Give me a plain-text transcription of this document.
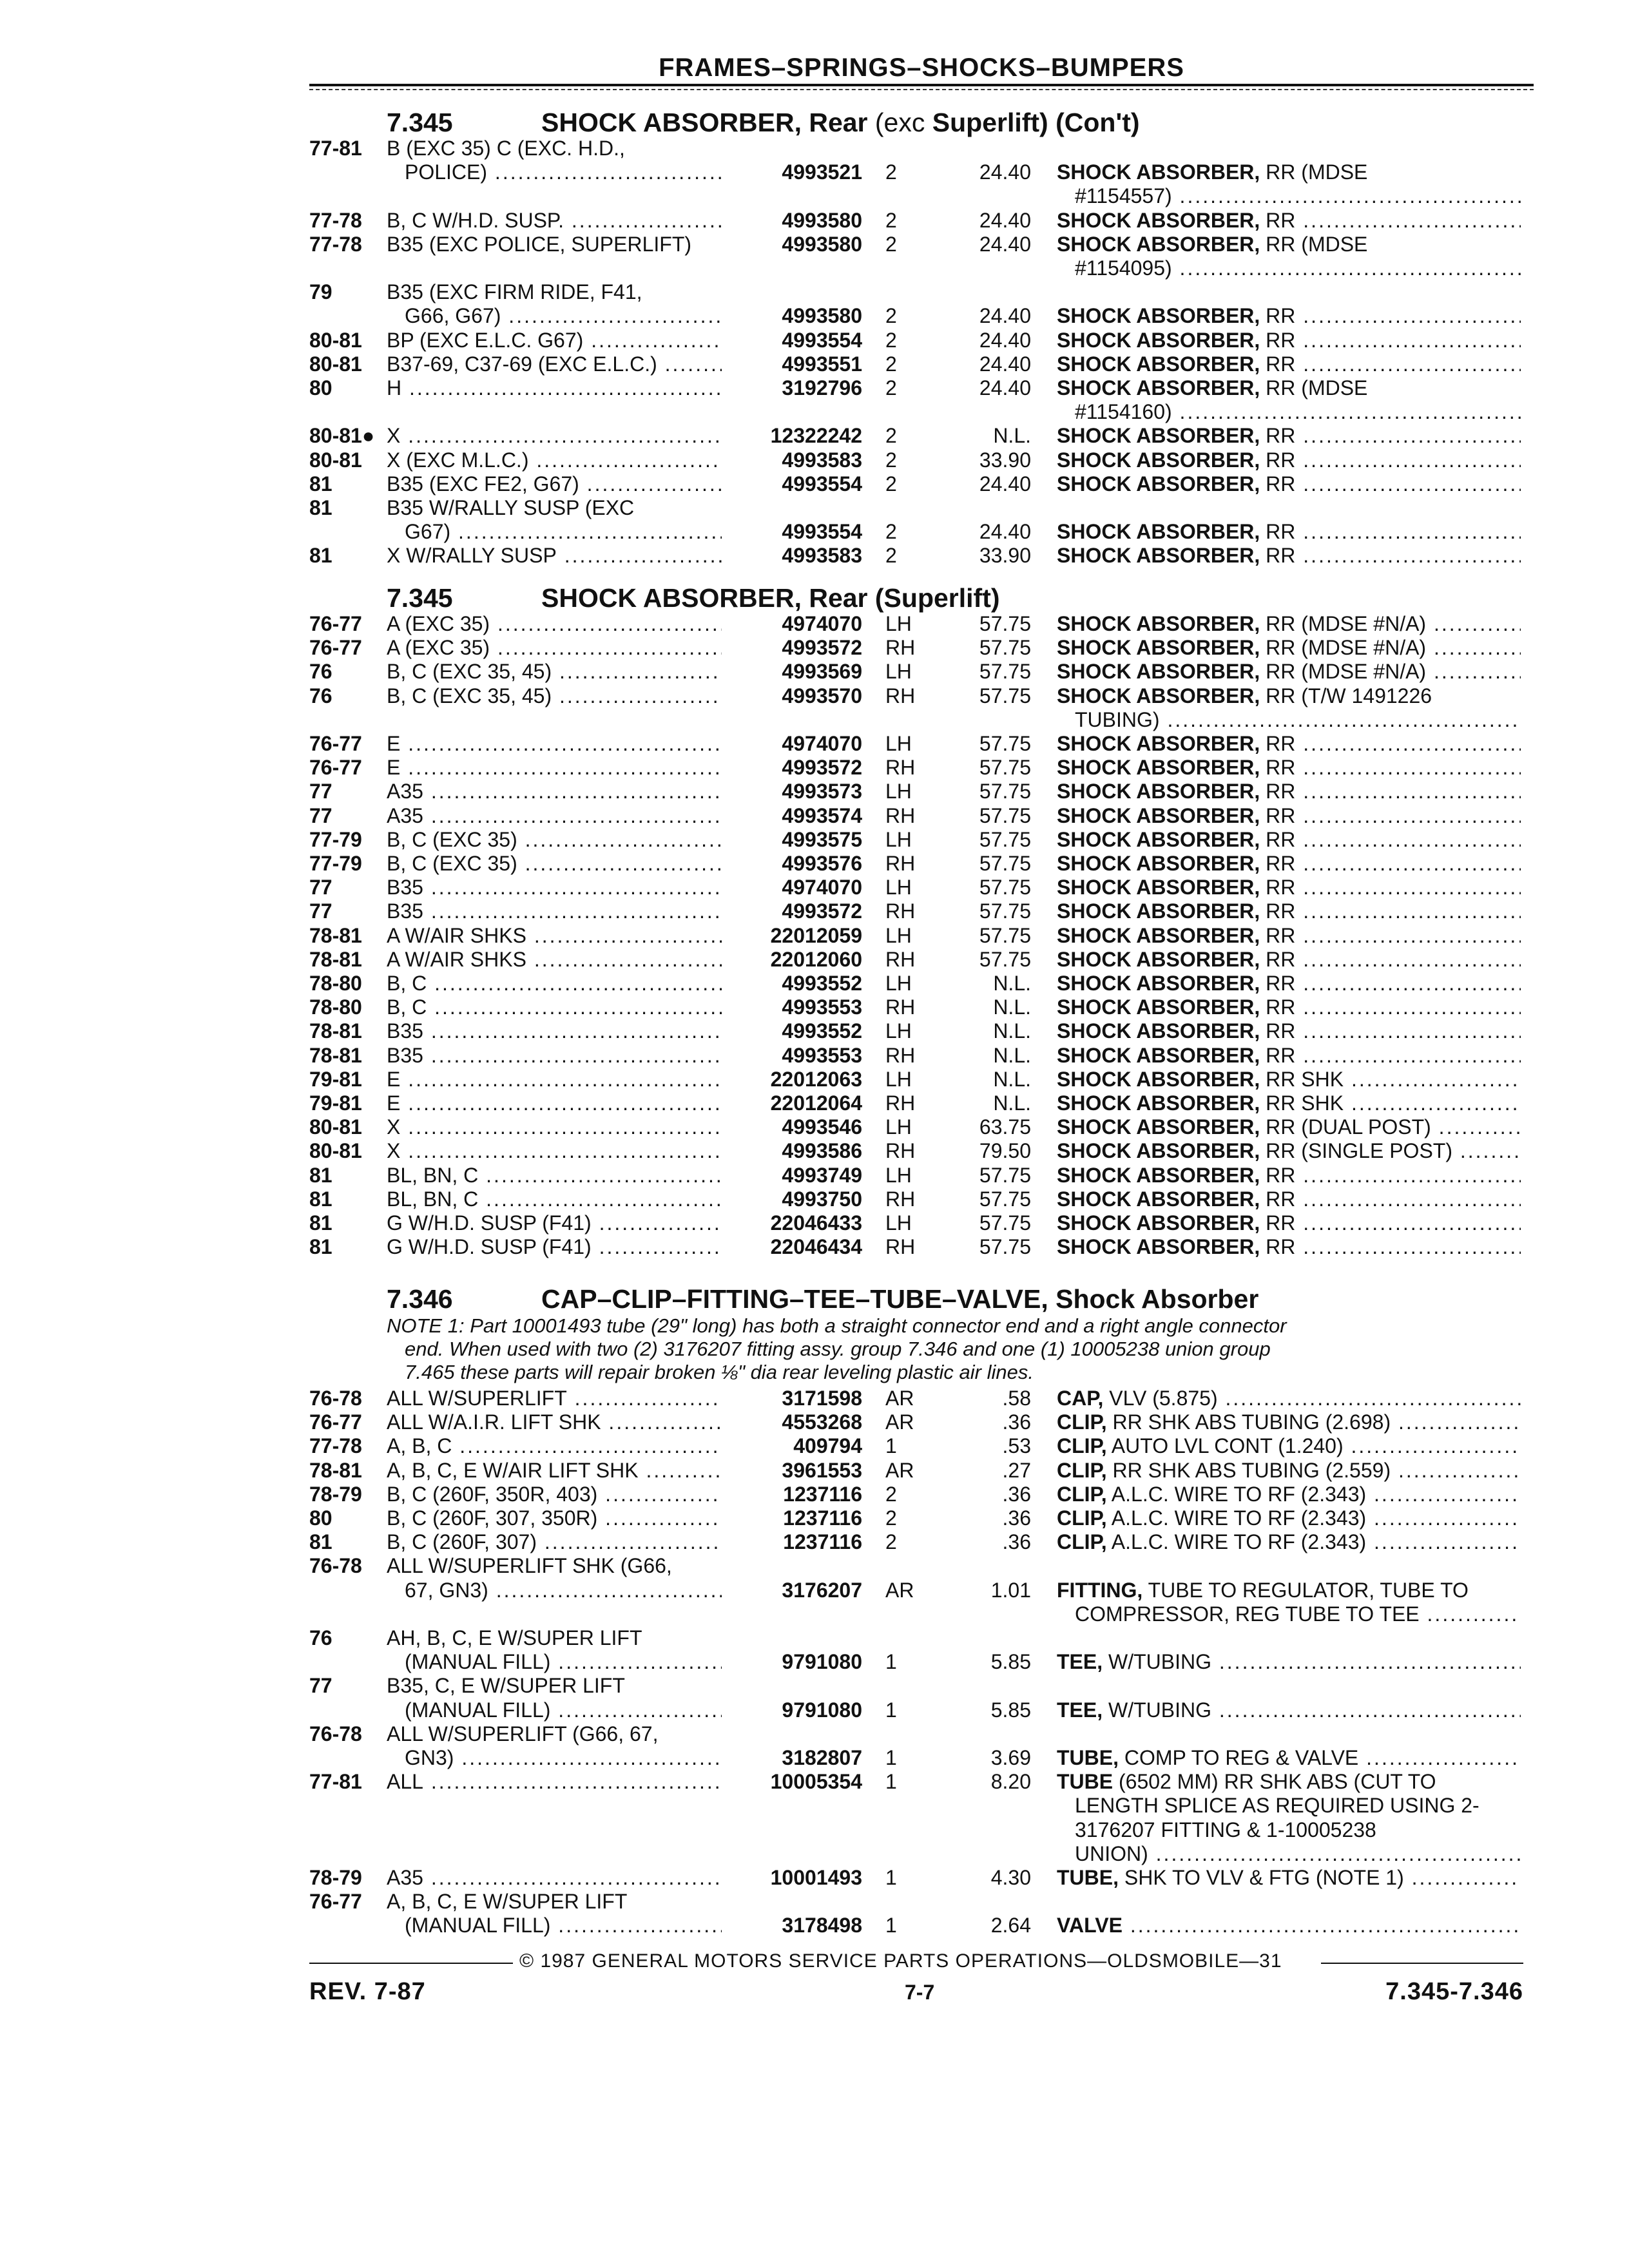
FRAMES–SPRINGS–SHOCKS–BUMPERS
7.345	SHOCK ABSORBER, Rear (exc Superlift) (Con't)
77-81 B (EXC 35) C (EXC. H.D.,
POLICE) .....	4993521 2	24.40 SHOCK ABSORBER, RR (MDSE
#1154557) .....
77-78 B, C W/H.D. SUSP. .....	4993580 2	24.40 SHOCK ABSORBER, RR .....
77-78 B35 (EXC POLICE, SUPERLIFT)	4993580 2	24.40 SHOCK ABSORBER, RR (MDSE
#1154095) .....
79	B35 (EXC FIRM RIDE, F41,
G66, G67) .....	4993580 2	24.40 SHOCK ABSORBER, RR .....
80-81 BP (EXC E.L.C. G67) .....	4993554 2	24.40 SHOCK ABSORBER, RR .....
80-81 B37-69, C37-69 (EXC E.L.C.) .....	4993551 2	24.40 SHOCK ABSORBER, RR .....
80	H .....	3192796 2	24.40 SHOCK ABSORBER, RR (MDSE
#1154160) .....
80-81● X .....	12322242 2	N.L. SHOCK ABSORBER, RR .....
80-81 X (EXC M.L.C.) .....	4993583 2	33.90 SHOCK ABSORBER, RR .....
81	B35 (EXC FE2, G67) .....	4993554 2	24.40 SHOCK ABSORBER, RR .....
81	B35 W/RALLY SUSP (EXC
G67) .....	4993554 2	24.40 SHOCK ABSORBER, RR .....
81	X W/RALLY SUSP .....	4993583 2	33.90 SHOCK ABSORBER, RR .....
7.345	SHOCK ABSORBER, Rear (Superlift)
76-77 A (EXC 35) .....	4974070 LH	57.75 SHOCK ABSORBER, RR (MDSE #N/A) .....
76-77 A (EXC 35) .....	4993572 RH	57.75 SHOCK ABSORBER, RR (MDSE #N/A) .....
76	B, C (EXC 35, 45) .....	4993569 LH	57.75 SHOCK ABSORBER, RR (MDSE #N/A) .....
76	B, C (EXC 35, 45) .....	4993570 RH	57.75 SHOCK ABSORBER, RR (T/W 1491226
TUBING) .....
76-77 E .....	4974070 LH	57.75 SHOCK ABSORBER, RR .....
76-77 E .....	4993572 RH	57.75 SHOCK ABSORBER, RR .....
77	A35 .....	4993573 LH	57.75 SHOCK ABSORBER, RR .....
77	A35 .....	4993574 RH	57.75 SHOCK ABSORBER, RR .....
77-79 B, C (EXC 35) .....	4993575 LH	57.75 SHOCK ABSORBER, RR .....
77-79 B, C (EXC 35) .....	4993576 RH	57.75 SHOCK ABSORBER, RR .....
77	B35 .....	4974070 LH	57.75 SHOCK ABSORBER, RR .....
77	B35 .....	4993572 RH	57.75 SHOCK ABSORBER, RR .....
78-81 A W/AIR SHKS .....	22012059 LH	57.75 SHOCK ABSORBER, RR .....
78-81 A W/AIR SHKS .....	22012060 RH	57.75 SHOCK ABSORBER, RR .....
78-80 B, C .....	4993552 LH	N.L. SHOCK ABSORBER, RR .....
78-80 B, C .....	4993553 RH	N.L. SHOCK ABSORBER, RR .....
78-81 B35 .....	4993552 LH	N.L. SHOCK ABSORBER, RR .....
78-81 B35 .....	4993553 RH	N.L. SHOCK ABSORBER, RR .....
79-81 E .....	22012063 LH	N.L. SHOCK ABSORBER, RR SHK .....
79-81 E .....	22012064 RH	N.L. SHOCK ABSORBER, RR SHK .....
80-81 X .....	4993546 LH	63.75 SHOCK ABSORBER, RR (DUAL POST) .....
80-81 X .....	4993586 RH	79.50 SHOCK ABSORBER, RR (SINGLE POST) .....
81	BL, BN, C .....	4993749 LH	57.75 SHOCK ABSORBER, RR .....
81	BL, BN, C .....	4993750 RH	57.75 SHOCK ABSORBER, RR .....
81	G W/H.D. SUSP (F41) .....	22046433 LH	57.75 SHOCK ABSORBER, RR .....
81	G W/H.D. SUSP (F41) .....	22046434 RH	57.75 SHOCK ABSORBER, RR .....
7.346	CAP–CLIP–FITTING–TEE–TUBE–VALVE, Shock Absorber
NOTE 1: Part 10001493 tube (29" long) has both a straight connector end and a right angle connector
end. When used with two (2) 3176207 fitting assy. group 7.346 and one (1) 10005238 union group
7.465 these parts will repair broken ⅛" dia rear leveling plastic air lines.
76-78 ALL W/SUPERLIFT .....	3171598 AR	.58 CAP, VLV (5.875) .....
76-77 ALL W/A.I.R. LIFT SHK .....	4553268 AR	.36 CLIP, RR SHK ABS TUBING (2.698) .....
77-78 A, B, C .....	409794 1	.53 CLIP, AUTO LVL CONT (1.240) .....
78-81 A, B, C, E W/AIR LIFT SHK .....	3961553 AR	.27 CLIP, RR SHK ABS TUBING (2.559) .....
78-79 B, C (260F, 350R, 403) .....	1237116 2	.36 CLIP, A.L.C. WIRE TO RF (2.343) .....
80	B, C (260F, 307, 350R) .....	1237116 2	.36 CLIP, A.L.C. WIRE TO RF (2.343) .....
81	B, C (260F, 307) .....	1237116 2	.36 CLIP, A.L.C. WIRE TO RF (2.343) .....
76-78 ALL W/SUPERLIFT SHK (G66,
67, GN3) .....	3176207 AR	1.01 FITTING, TUBE TO REGULATOR, TUBE TO
COMPRESSOR, REG TUBE TO TEE .....
76	AH, B, C, E W/SUPER LIFT
(MANUAL FILL) .....	9791080 1	5.85 TEE, W/TUBING .....
77	B35, C, E W/SUPER LIFT
(MANUAL FILL) .....	9791080 1	5.85 TEE, W/TUBING .....
76-78 ALL W/SUPERLIFT (G66, 67,
GN3) .....	3182807 1	3.69 TUBE, COMP TO REG & VALVE .....
77-81 ALL .....	10005354 1	8.20 TUBE (6502 MM) RR SHK ABS (CUT TO
LENGTH SPLICE AS REQUIRED USING 2-
3176207 FITTING & 1-10005238
UNION) .....
78-79 A35 .....	10001493 1	4.30 TUBE, SHK TO VLV & FTG (NOTE 1) .....
76-77 A, B, C, E W/SUPER LIFT
(MANUAL FILL) .....	3178498 1	2.64 VALVE .....
© 1987 GENERAL MOTORS SERVICE PARTS OPERATIONS—OLDSMOBILE—31
REV. 7-87	7-7	7.345-7.346
